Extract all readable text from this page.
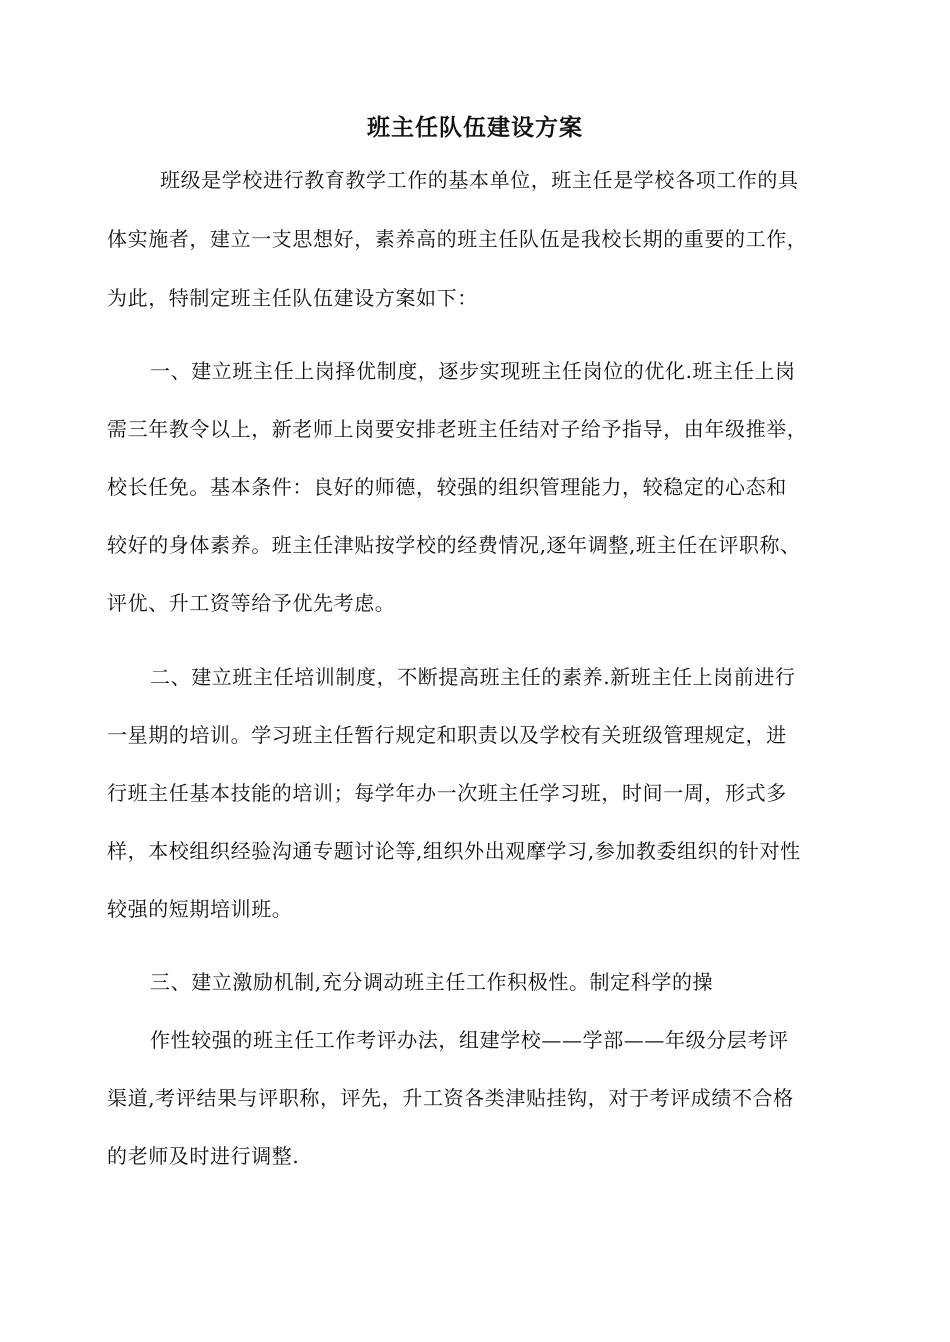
班主任队伍建设方案

班级是学校进行教育教学工作的基本单位，班主任是学校各项工作的具

体实施者，建立一支思想好，素养高的班主任队伍是我校长期的重要的工作，

为此，特制定班主任队伍建设方案如下：

一、建立班主任上岗择优制度，逐步实现班主任岗位的优化.班主任上岗

需三年教令以上，新老师上岗要安排老班主任结对子给予指导，由年级推举，

校长任免。基本条件：良好的师德，较强的组织管理能力，较稳定的心态和

较好的身体素养。班主任津贴按学校的经费情况,逐年调整,班主任在评职称、

评优、升工资等给予优先考虑。

二、建立班主任培训制度，不断提高班主任的素养.新班主任上岗前进行

一星期的培训。学习班主任暂行规定和职责以及学校有关班级管理规定，进

行班主任基本技能的培训；每学年办一次班主任学习班，时间一周，形式多

样，本校组织经验沟通专题讨论等,组织外出观摩学习,参加教委组织的针对性

较强的短期培训班。

三、建立激励机制,充分调动班主任工作积极性。制定科学的操

作性较强的班主任工作考评办法，组建学校——学部——年级分层考评

渠道,考评结果与评职称，评先，升工资各类津贴挂钩，对于考评成绩不合格

的老师及时进行调整.
